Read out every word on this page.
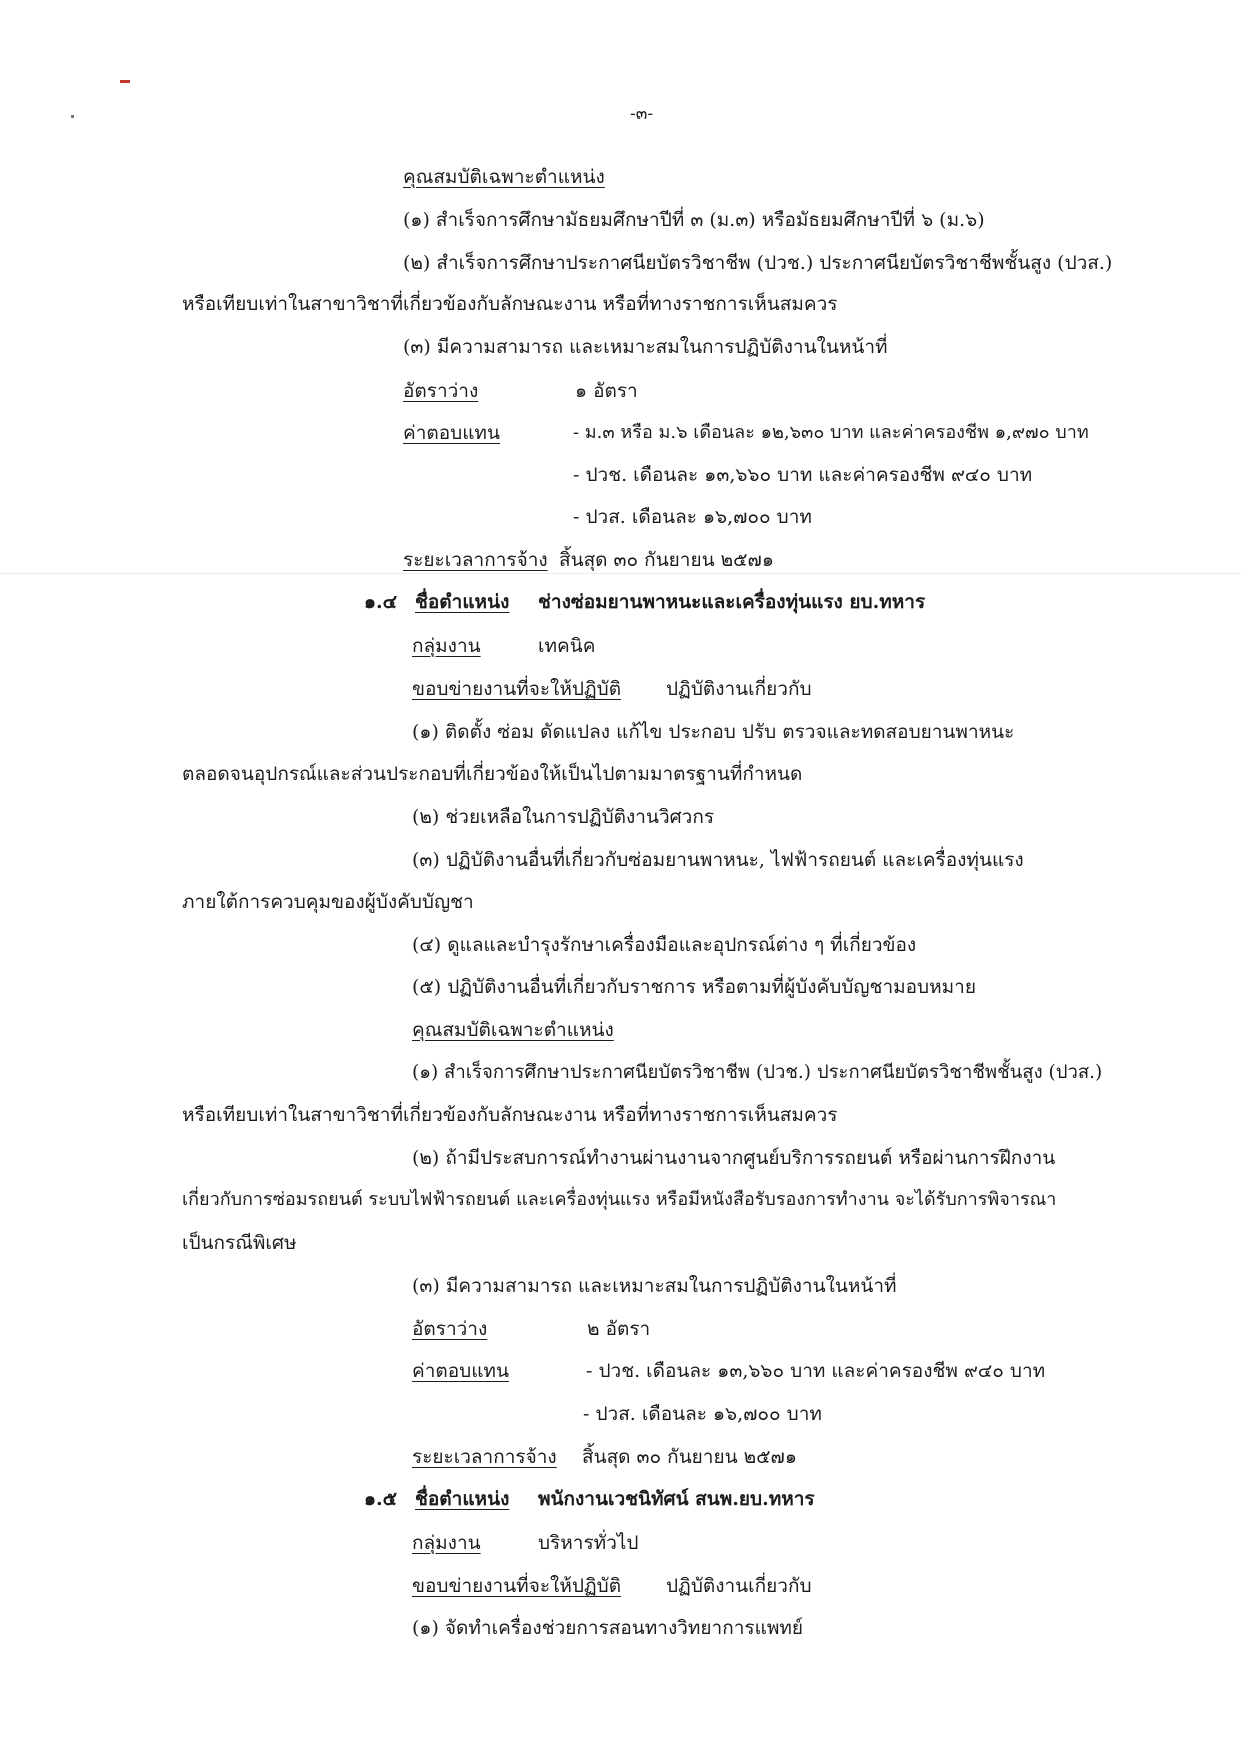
-๓-
คุณสมบัติเฉพาะตำแหน่ง
(๑) สำเร็จการศึกษามัธยมศึกษาปีที่ ๓ (ม.๓) หรือมัธยมศึกษาปีที่ ๖ (ม.๖)
(๒) สำเร็จการศึกษาประกาศนียบัตรวิชาชีพ (ปวช.) ประกาศนียบัตรวิชาชีพชั้นสูง (ปวส.)
หรือเทียบเท่าในสาขาวิชาที่เกี่ยวข้องกับลักษณะงาน หรือที่ทางราชการเห็นสมควร
(๓) มีความสามารถ และเหมาะสมในการปฏิบัติงานในหน้าที่
อัตราว่าง	๑ อัตรา
ค่าตอบแทน	- ม.๓ หรือ ม.๖ เดือนละ ๑๒,๖๓๐ บาท และค่าครองชีพ ๑,๙๗๐ บาท
- ปวช. เดือนละ ๑๓,๖๖๐ บาท และค่าครองชีพ ๙๔๐ บาท
- ปวส. เดือนละ ๑๖,๗๐๐ บาท
ระยะเวลาการจ้าง สิ้นสุด ๓๐ กันยายน ๒๕๗๑
๑.๔ ชื่อตำแหน่ง ช่างซ่อมยานพาหนะและเครื่องทุ่นแรง ยบ.ทหาร
กลุ่มงาน	เทคนิค
ขอบข่ายงานที่จะให้ปฏิบัติ ปฏิบัติงานเกี่ยวกับ
(๑) ติดตั้ง ซ่อม ดัดแปลง แก้ไข ประกอบ ปรับ ตรวจและทดสอบยานพาหนะ
ตลอดจนอุปกรณ์และส่วนประกอบที่เกี่ยวข้องให้เป็นไปตามมาตรฐานที่กำหนด
(๒) ช่วยเหลือในการปฏิบัติงานวิศวกร
(๓) ปฏิบัติงานอื่นที่เกี่ยวกับซ่อมยานพาหนะ, ไฟฟ้ารถยนต์ และเครื่องทุ่นแรง
ภายใต้การควบคุมของผู้บังคับบัญชา
(๔) ดูแลและบำรุงรักษาเครื่องมือและอุปกรณ์ต่าง ๆ ที่เกี่ยวข้อง
(๕) ปฏิบัติงานอื่นที่เกี่ยวกับราชการ หรือตามที่ผู้บังคับบัญชามอบหมาย
คุณสมบัติเฉพาะตำแหน่ง
(๑) สำเร็จการศึกษาประกาศนียบัตรวิชาชีพ (ปวช.) ประกาศนียบัตรวิชาชีพชั้นสูง (ปวส.)
หรือเทียบเท่าในสาขาวิชาที่เกี่ยวข้องกับลักษณะงาน หรือที่ทางราชการเห็นสมควร
(๒) ถ้ามีประสบการณ์ทำงานผ่านงานจากศูนย์บริการรถยนต์ หรือผ่านการฝึกงาน
เกี่ยวกับการซ่อมรถยนต์ ระบบไฟฟ้ารถยนต์ และเครื่องทุ่นแรง หรือมีหนังสือรับรองการทำงาน จะได้รับการพิจารณา
เป็นกรณีพิเศษ
(๓) มีความสามารถ และเหมาะสมในการปฏิบัติงานในหน้าที่
อัตราว่าง	๒ อัตรา
ค่าตอบแทน	- ปวช. เดือนละ ๑๓,๖๖๐ บาท และค่าครองชีพ ๙๔๐ บาท
- ปวส. เดือนละ ๑๖,๗๐๐ บาท
ระยะเวลาการจ้าง สิ้นสุด ๓๐ กันยายน ๒๕๗๑
๑.๕ ชื่อตำแหน่ง พนักงานเวชนิทัศน์ สนพ.ยบ.ทหาร
กลุ่มงาน	บริหารทั่วไป
ขอบข่ายงานที่จะให้ปฏิบัติ ปฏิบัติงานเกี่ยวกับ
(๑) จัดทำเครื่องช่วยการสอนทางวิทยาการแพทย์
